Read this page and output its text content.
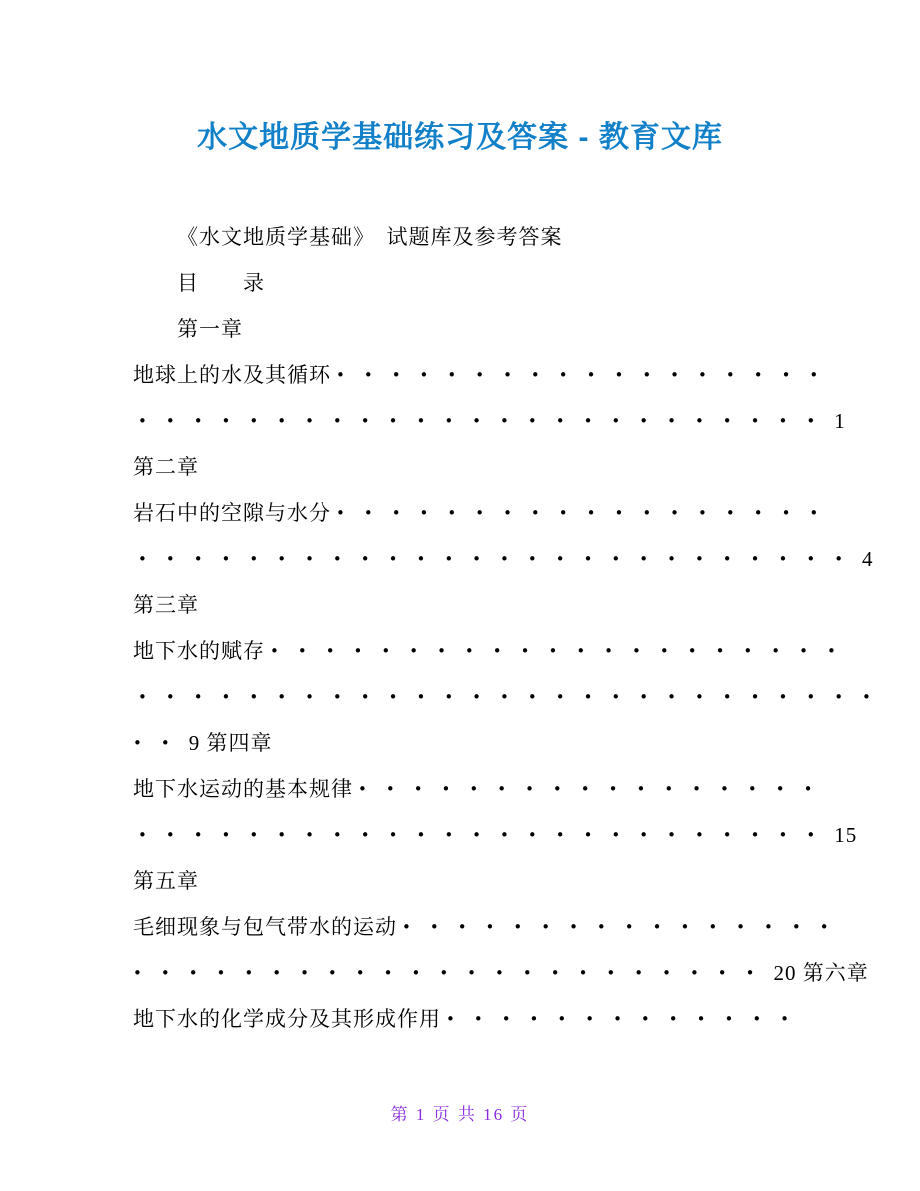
水文地质学基础练习及答案 - 教育文库
《水文地质学基础》　试题库及参考答案
目　　录
第一章
地球上的水及其循环 ••••••••••••••••••
•••••••••••••••••••••••••1
第二章
岩石中的空隙与水分 ••••••••••••••••••
••••••••••••••••••••••••••4
第三章
地下水的赋存 •••••••••••••••••••••
•••••••••••••••••••••••••••
••9 第四章
地下水运动的基本规律 •••••••••••••••••
•••••••••••••••••••••••••15
第五章
毛细现象与包气带水的运动 ••••••••••••••••
•••••••••••••••••••••••20 第六章
地下水的化学成分及其形成作用 •••••••••••••
第 1 页 共 16 页
